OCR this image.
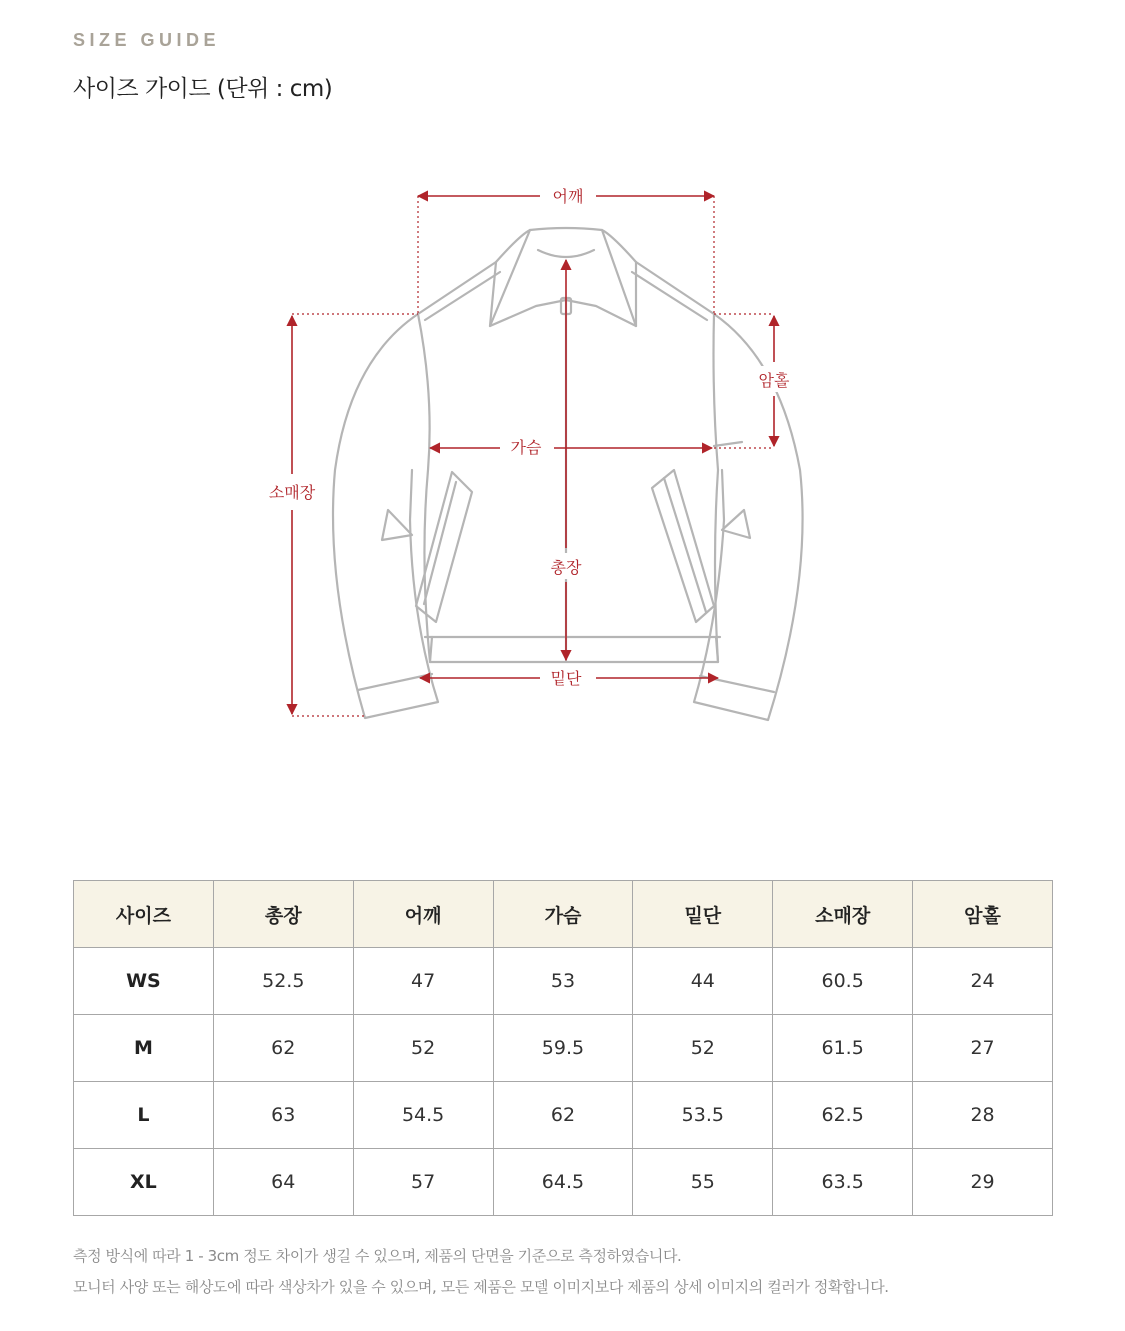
SIZE GUIDE
사이즈 가이드 (단위 : cm)
어깨
암홀
가슴
소매장
총장
밑단
사이즈	총장	어깨	가슴	밑단	소매장	암홀
WS	52.5	47	53	44	60.5	24
M	62	52	59.5	52	61.5	27
L	63	54.5	62	53.5	62.5	28
XL	64	57	64.5	55	63.5	29
측정 방식에 따라 1 - 3cm 정도 차이가 생길 수 있으며, 제품의 단면을 기준으로 측정하였습니다.
모니터 사양 또는 해상도에 따라 색상차가 있을 수 있으며, 모든 제품은 모델 이미지보다 제품의 상세 이미지의 컬러가 정확합니다.
